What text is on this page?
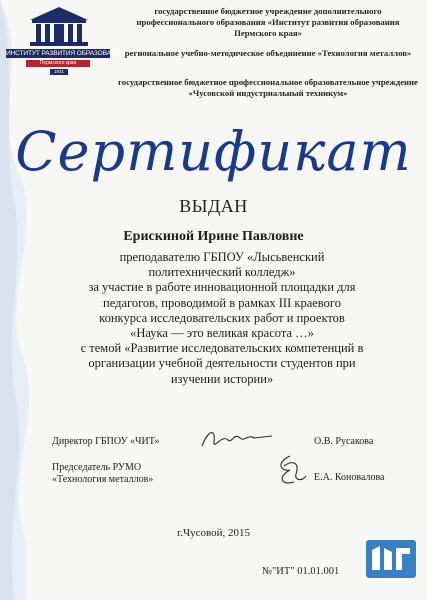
ИНСТИТУТ РАЗВИТИЯ ОБРАЗОВАНИЯ
Пермского края
1931
государственное бюджетное учреждение дополнительного профессионального образования «Институт развития образования Пермского края»
региональное учебно-методическое объединение «Технология металлов»
государственное бюджетное профессиональное образовательное учреждение «Чусовской индустриальный техникум»
Сертификат
ВЫДАН
Ерискиной Ирине Павловне
преподавателю ГБПОУ «Лысьвенский
политехнический колледж»
за участие в работе инновационной площадки для
педагогов, проводимой в рамках III краевого
конкурса исследовательских работ и проектов
«Наука — это великая красота …»
с темой «Развитие исследовательских компетенций в
организации учебной деятельности студентов при
изучении истории»
Директор ГБПОУ «ЧИТ»	О.В. Русакова
Председатель РУМО
«Технология металлов»	Е.А. Коновалова
г.Чусовой, 2015
№"ИТ" 01.01.001
